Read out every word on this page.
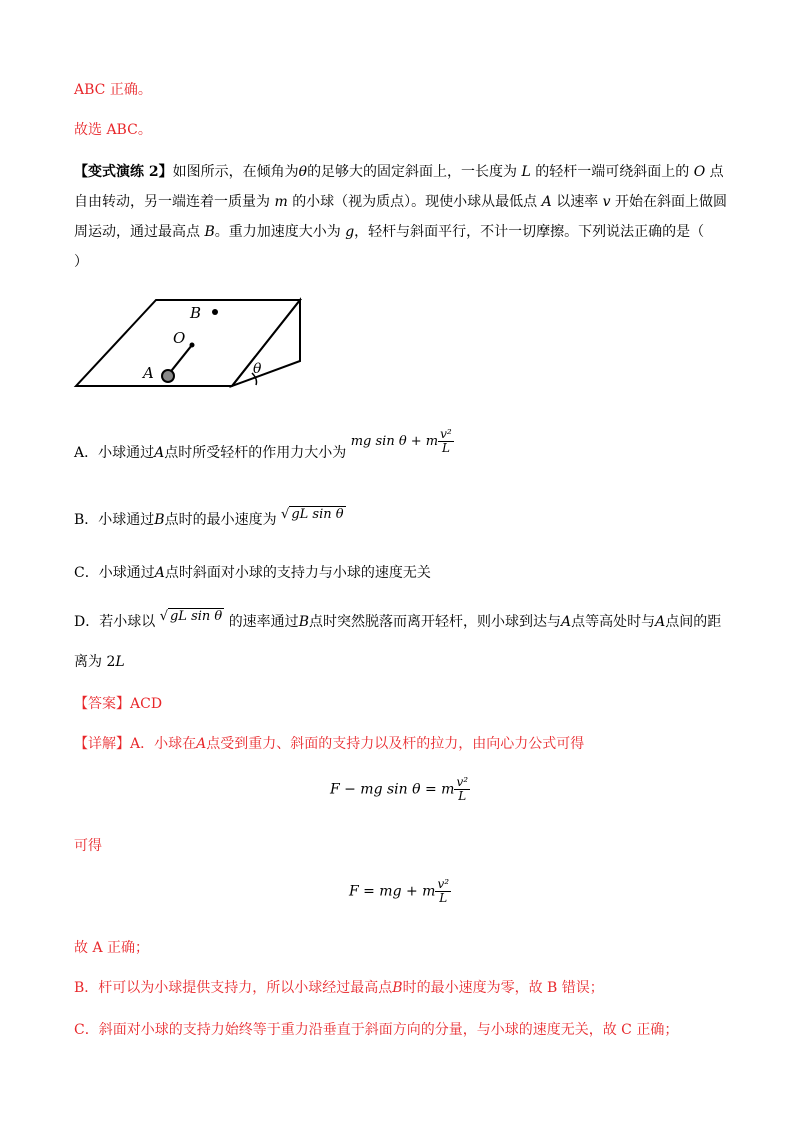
ABC 正确。
故选 ABC。
【变式演练 2】如图所示，在倾角为θ的足够大的固定斜面上，一长度为 L 的轻杆一端可绕斜面上的 O 点
自由转动，另一端连着一质量为 m 的小球（视为质点）。现使小球从最低点 A 以速率 v 开始在斜面上做圆
周运动，通过最高点 B。重力加速度大小为 g，轻杆与斜面平行，不计一切摩擦。下列说法正确的是（
）
θ
B
O
A
A．小球通过A点时所受轻杆的作用力大小为 mg sin θ + m $\frac{\text{v²}}{L}$
B．小球通过B点时的最小速度为 √ gL sin θ
C．小球通过A点时斜面对小球的支持力与小球的速度无关
D．若小球以 √ gL sin θ 的速率通过B点时突然脱落而离开轻杆，则小球到达与A点等高处时与A点间的距
离为 2L
【答案】ACD
【详解】A．小球在A点受到重力、斜面的支持力以及杆的拉力，由向心力公式可得
F − mg sin θ = m $\frac{\text{v²}}{L}$
可得
F = mg + m $\frac{\text{v²}}{L}$
故 A 正确；
B．杆可以为小球提供支持力，所以小球经过最高点B时的最小速度为零，故 B 错误；
C．斜面对小球的支持力始终等于重力沿垂直于斜面方向的分量，与小球的速度无关，故 C 正确；
